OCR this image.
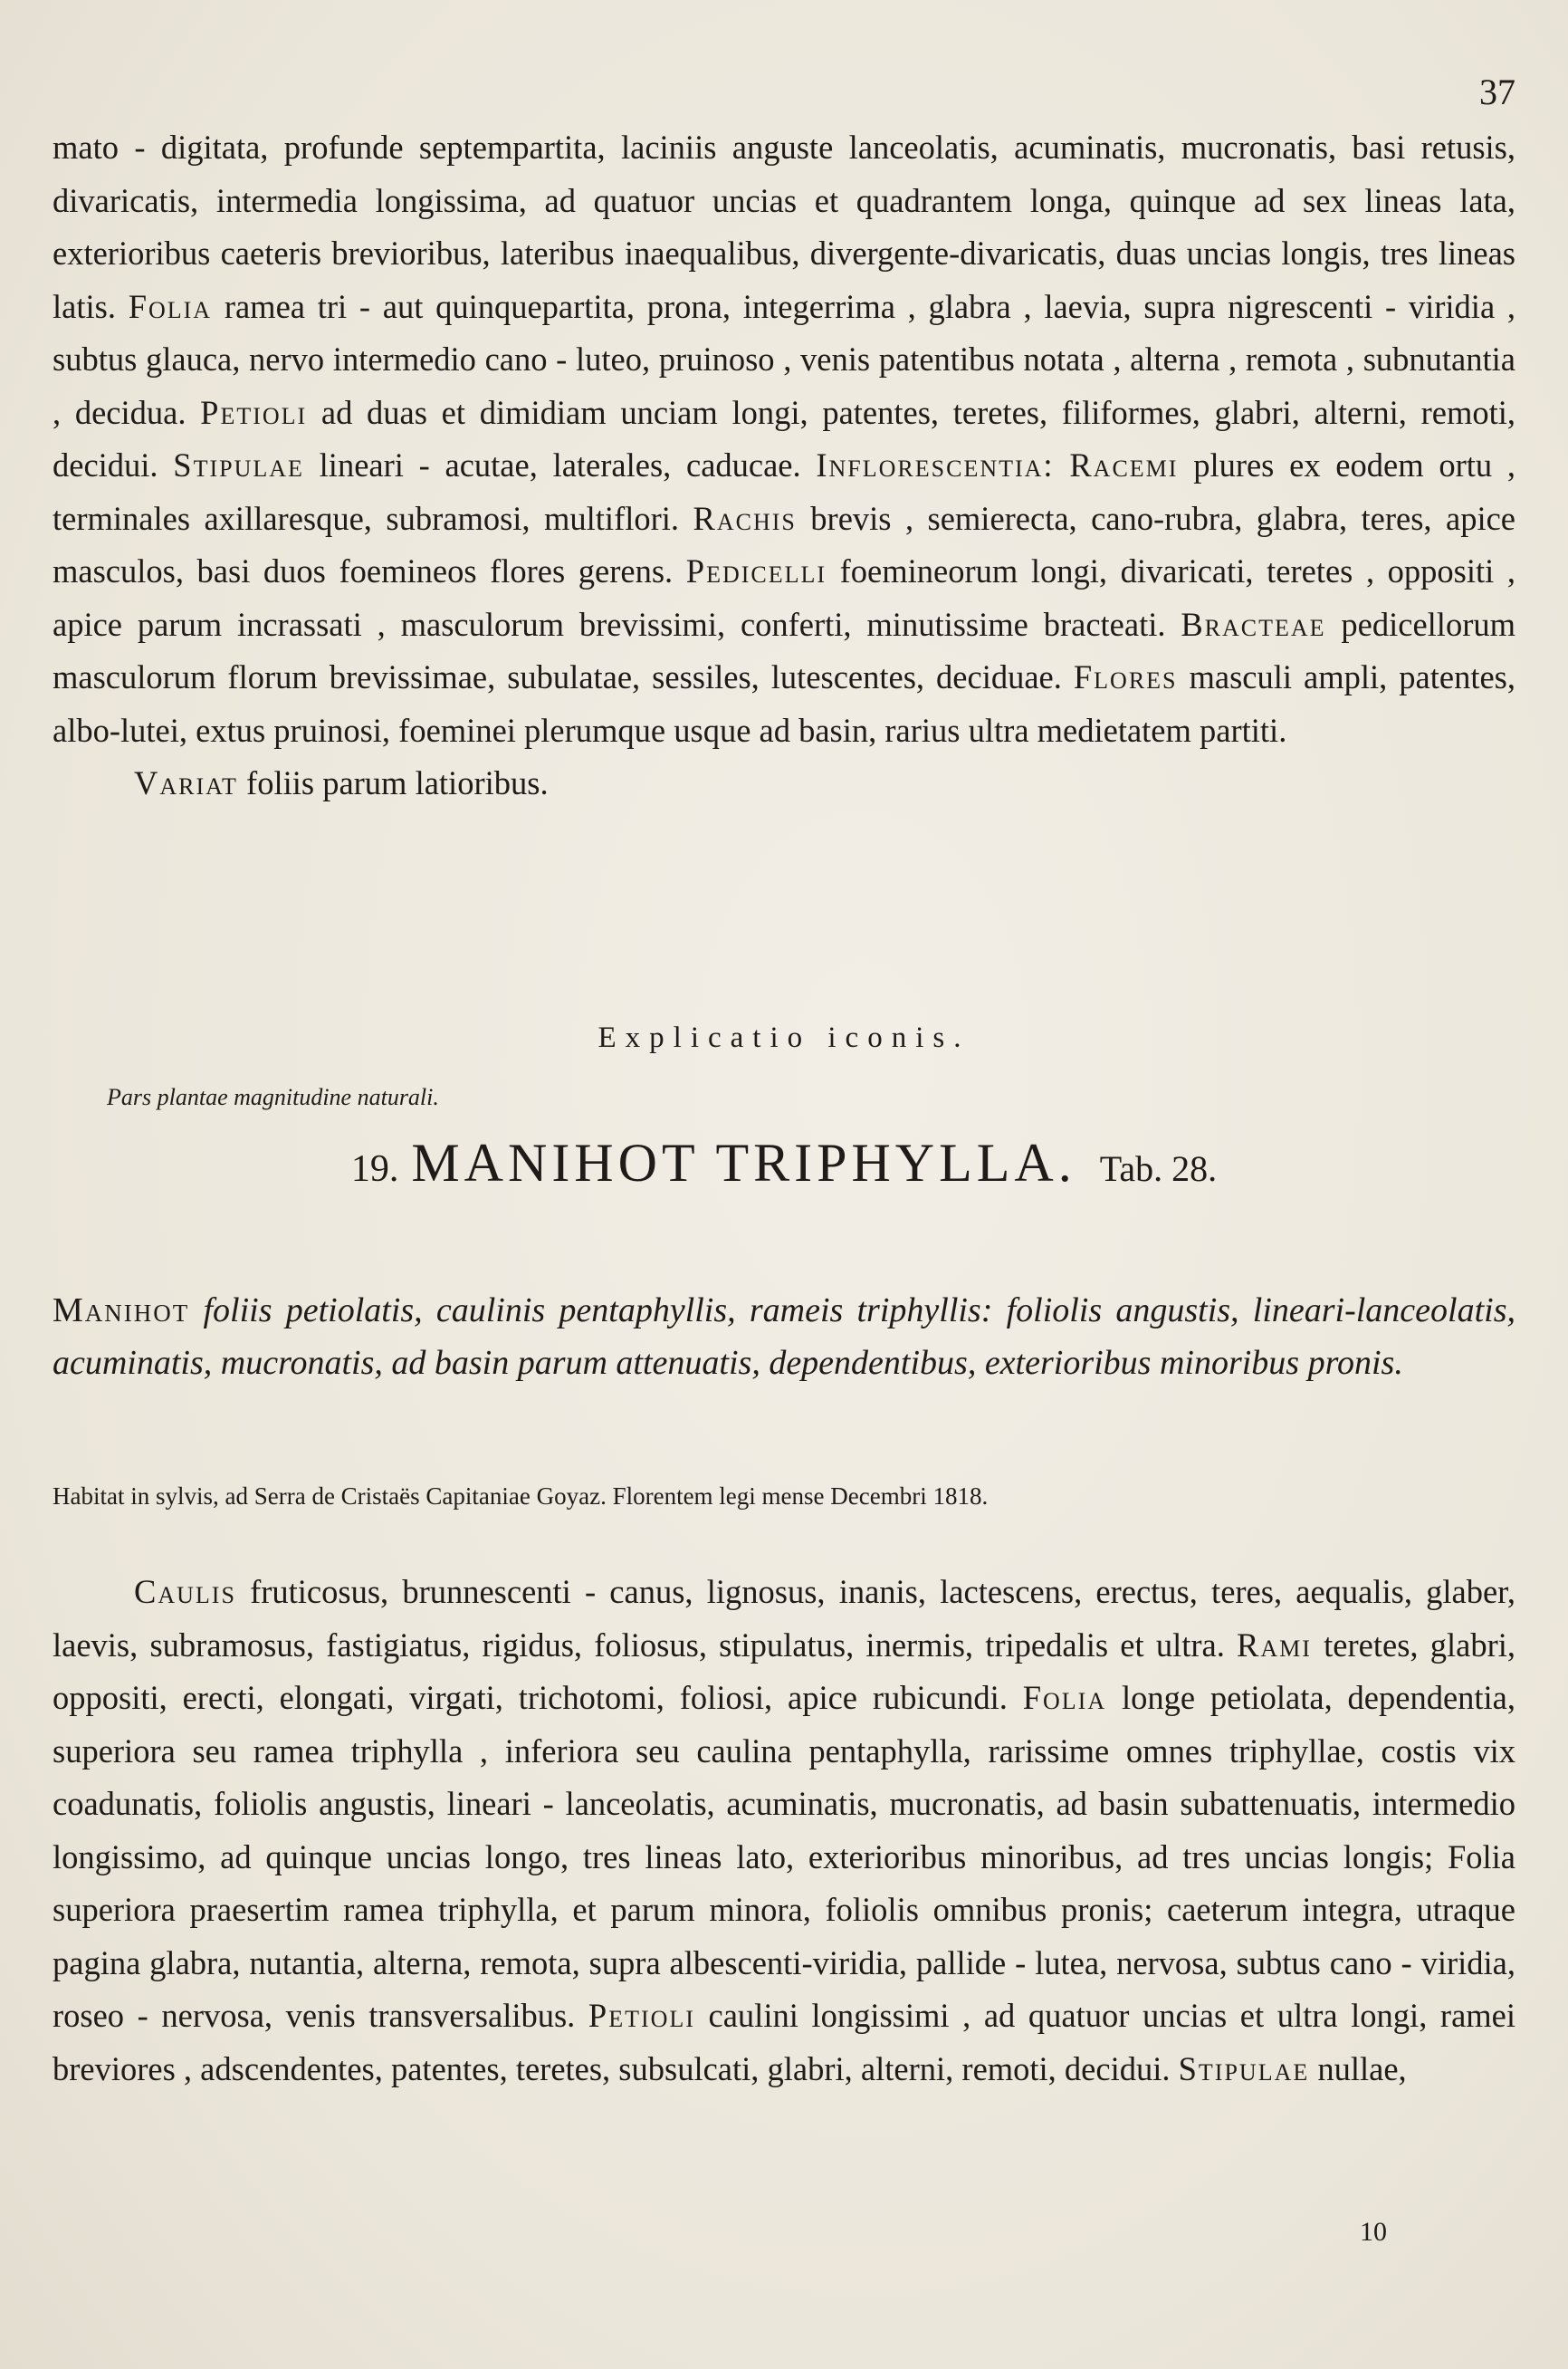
37

mato - digitata, profunde septempartita, laciniis anguste lanceolatis, acuminatis, mucronatis, basi retusis, divaricatis, intermedia longissima, ad quatuor uncias et quadrantem longa, quinque ad sex lineas lata, exterioribus caeteris brevioribus, lateribus inaequalibus, divergente-divaricatis, duas uncias longis, tres lineas latis. Folia ramea tri - aut quinquepartita, prona, integerrima , glabra , laevia, supra nigrescenti - viridia , subtus glauca, nervo intermedio cano - luteo, pruinoso , venis patentibus notata , alterna , remota , subnutantia , decidua. Petioli ad duas et dimidiam unciam longi, patentes, teretes, filiformes, glabri, alterni, remoti, decidui. Stipulae lineari - acutae, laterales, caducae. Inflorescentia: Racemi plures ex eodem ortu , terminales axillaresque, subramosi, multiflori. Rachis brevis , semierecta, cano-rubra, glabra, teres, apice masculos, basi duos foemineos flores gerens. Pedicelli foemineorum longi, divaricati, teretes , oppositi , apice parum incrassati , masculorum brevissimi, conferti, minutissime bracteati. Bracteae pedicellorum masculorum florum brevissimae, subulatae, sessiles, lutescentes, deciduae. Flores masculi ampli, patentes, albo-lutei, extus pruinosi, foeminei plerumque usque ad basin, rarius ultra medietatem partiti.

Variat foliis parum latioribus.

Explicatio iconis.
Pars plantae magnitudine naturali.
19. MANIHOT TRIPHYLLA. Tab. 28.
Manihot foliis petiolatis, caulinis pentaphyllis, rameis triphyllis: foliolis angustis, lineari-lanceolatis, acuminatis, mucronatis, ad basin parum attenuatis, dependentibus, exterioribus minoribus pronis.
Habitat in sylvis, ad Serra de Cristaës Capitaniae Goyaz. Florentem legi mense Decembri 1818.

Caulis fruticosus, brunnescenti - canus, lignosus, inanis, lactescens, erectus, teres, aequalis, glaber, laevis, subramosus, fastigiatus, rigidus, foliosus, stipulatus, inermis, tripedalis et ultra. Rami teretes, glabri, oppositi, erecti, elongati, virgati, trichotomi, foliosi, apice rubicundi. Folia longe petiolata, dependentia, superiora seu ramea triphylla , inferiora seu caulina pentaphylla, rarissime omnes triphyllae, costis vix coadunatis, foliolis angustis, lineari - lanceolatis, acuminatis, mucronatis, ad basin subattenuatis, intermedio longissimo, ad quinque uncias longo, tres lineas lato, exterioribus minoribus, ad tres uncias longis; Folia superiora praesertim ramea triphylla, et parum minora, foliolis omnibus pronis; caeterum integra, utraque pagina glabra, nutantia, alterna, remota, supra albescenti-viridia, pallide - lutea, nervosa, subtus cano - viridia, roseo - nervosa, venis transversalibus. Petioli caulini longissimi , ad quatuor uncias et ultra longi, ramei breviores , adscendentes, patentes, teretes, subsulcati, glabri, alterni, remoti, decidui. Stipulae nullae,

10
